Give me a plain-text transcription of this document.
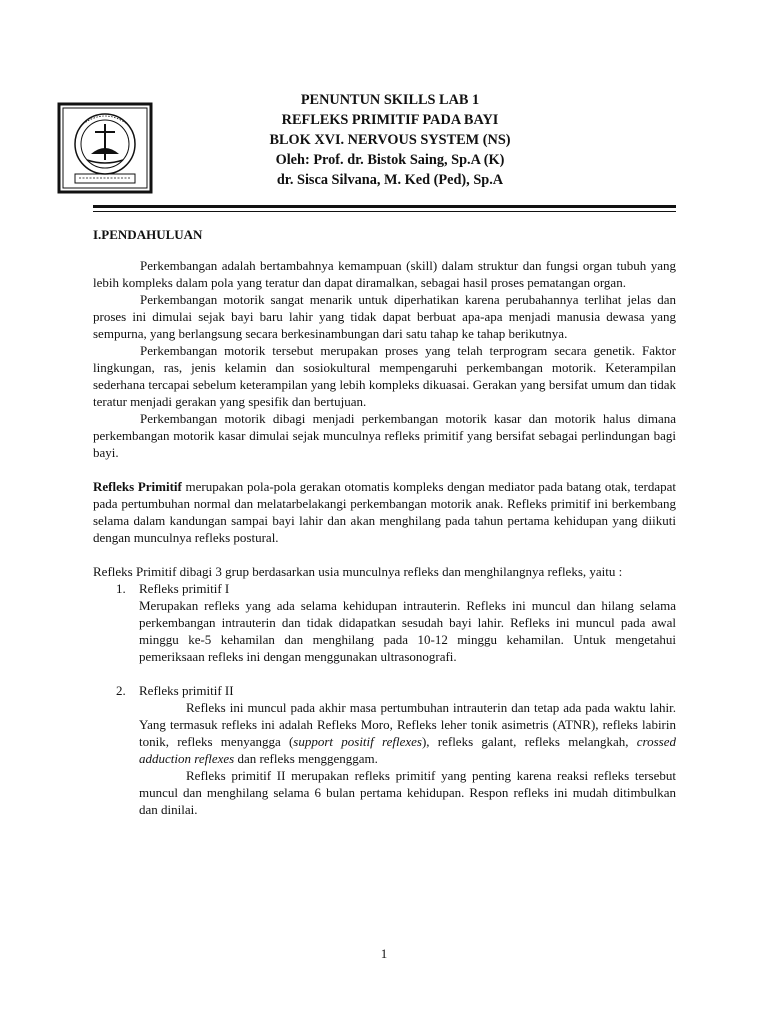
PENUNTUN SKILLS LAB 1
REFLEKS PRIMITIF PADA BAYI
BLOK XVI. NERVOUS SYSTEM (NS)
Oleh: Prof. dr. Bistok Saing, Sp.A (K)
dr. Sisca Silvana, M. Ked (Ped), Sp.A
I.PENDAHULUAN

Perkembangan adalah bertambahnya kemampuan (skill) dalam struktur dan fungsi organ tubuh yang lebih kompleks dalam pola yang teratur dan dapat diramalkan, sebagai hasil proses pematangan organ.

Perkembangan motorik sangat menarik untuk diperhatikan karena perubahannya terlihat jelas dan proses ini dimulai sejak bayi baru lahir yang tidak dapat berbuat apa-apa menjadi manusia dewasa yang sempurna, yang berlangsung secara berkesinambungan dari satu tahap ke tahap berikutnya.

Perkembangan motorik tersebut merupakan proses yang telah terprogram secara genetik. Faktor lingkungan, ras, jenis kelamin dan sosiokultural mempengaruhi perkembangan motorik. Keterampilan sederhana tercapai sebelum keterampilan yang lebih kompleks dikuasai. Gerakan yang bersifat umum dan tidak teratur menjadi gerakan yang spesifik dan bertujuan.

Perkembangan motorik dibagi menjadi perkembangan motorik kasar dan motorik halus dimana perkembangan motorik kasar dimulai sejak munculnya refleks primitif yang bersifat sebagai perlindungan bagi bayi.

Refleks Primitif merupakan pola-pola gerakan otomatis kompleks dengan mediator pada batang otak, terdapat pada pertumbuhan normal dan melatarbelakangi perkembangan motorik anak. Refleks primitif ini berkembang selama dalam kandungan sampai bayi lahir dan akan menghilang pada tahun pertama kehidupan yang diikuti dengan munculnya refleks postural.

Refleks Primitif dibagi 3 grup berdasarkan usia munculnya refleks dan menghilangnya refleks, yaitu :

1. Refleks primitif I

Merupakan refleks yang ada selama kehidupan intrauterin. Refleks ini muncul dan hilang selama perkembangan intrauterin dan tidak didapatkan sesudah bayi lahir. Refleks ini muncul pada awal minggu ke-5 kehamilan dan menghilang pada 10-12 minggu kehamilan. Untuk mengetahui pemeriksaan refleks ini dengan menggunakan ultrasonografi.

2. Refleks primitif II

Refleks ini muncul pada akhir masa pertumbuhan intrauterin dan tetap ada pada waktu lahir. Yang termasuk refleks ini adalah Refleks Moro, Refleks leher tonik asimetris (ATNR), refleks labirin tonik, refleks menyangga (support positif reflexes), refleks galant, refleks melangkah, crossed adduction reflexes dan refleks menggenggam.

Refleks primitif II merupakan refleks primitif yang penting karena reaksi refleks tersebut muncul dan menghilang selama 6 bulan pertama kehidupan. Respon refleks ini mudah ditimbulkan dan dinilai.

1
